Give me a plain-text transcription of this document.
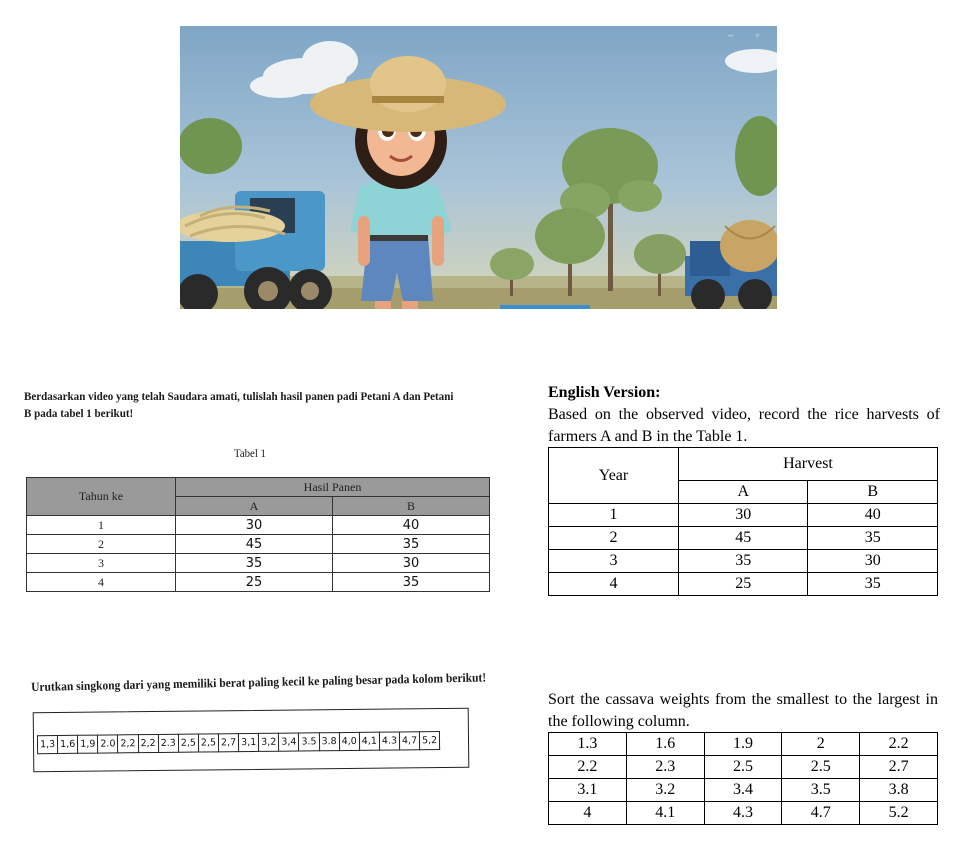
– ▫
Berdasarkan video yang telah Saudara amati, tulislah hasil panen padi Petani A dan Petani B pada tabel 1 berikut!
Tabel 1
Tahun ke	Hasil Panen	
	A	B
1	30	40
2	45	35
3	35	30
4	25	35
Urutkan singkong dari yang memiliki berat paling kecil ke paling besar pada kolom berikut!
1,3 1,6 1,9 2.0 2,2 2,2 2.3 2,5 2,5 2,7 3,1 3,2 3,4 3.5 3.8 4,0 4,1 4.3 4,7 5,2
English Version:
Based on the observed video, record the rice harvests of farmers A and B in the Table 1.
Year	Harvest	
	A	B
1	30	40
2	45	35
3	35	30
4	25	35
Sort the cassava weights from the smallest to the largest in the following column.
1.3	1.6	1.9	2	2.2
2.2	2.3	2.5	2.5	2.7
3.1	3.2	3.4	3.5	3.8
4	4.1	4.3	4.7	5.2
